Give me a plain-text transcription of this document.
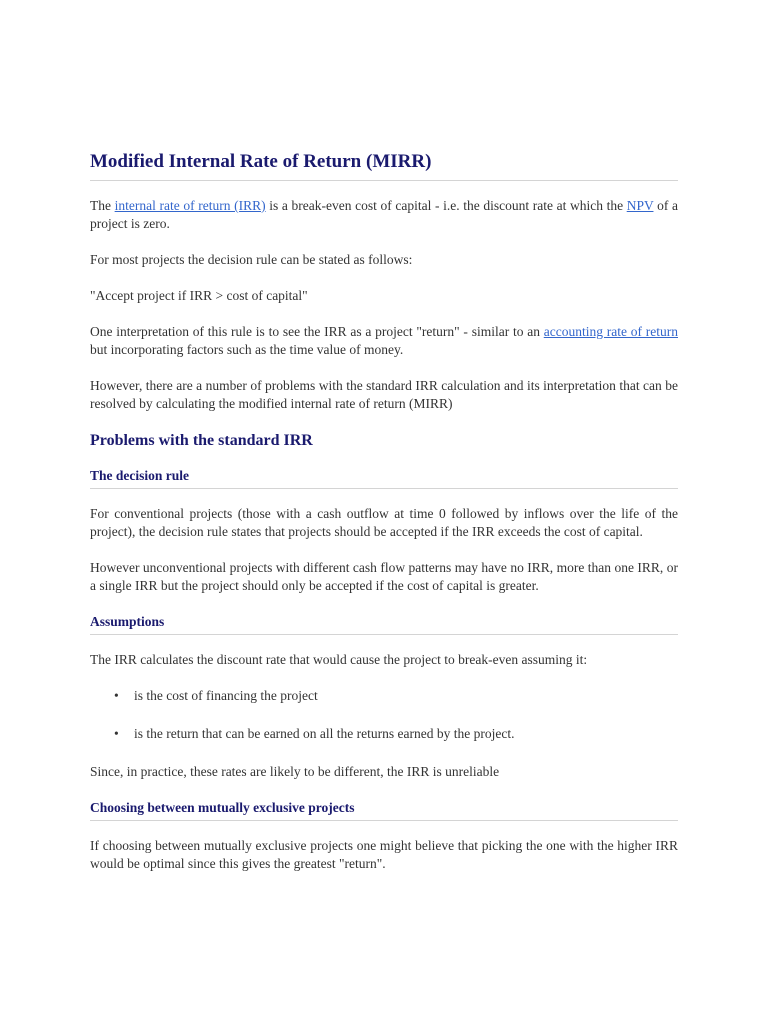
Modified Internal Rate of Return (MIRR)

The internal rate of return (IRR) is a break-even cost of capital - i.e. the discount rate at which the NPV of a project is zero.

For most projects the decision rule can be stated as follows:

"Accept project if IRR > cost of capital"

One interpretation of this rule is to see the IRR as a project "return" - similar to an accounting rate of return but incorporating factors such as the time value of money.

However, there are a number of problems with the standard IRR calculation and its interpretation that can be resolved by calculating the modified internal rate of return (MIRR)

Problems with the standard IRR
The decision rule

For conventional projects (those with a cash outflow at time 0 followed by inflows over the life of the project), the decision rule states that projects should be accepted if the IRR exceeds the cost of capital.

However unconventional projects with different cash flow patterns may have no IRR, more than one IRR, or a single IRR but the project should only be accepted if the cost of capital is greater.

Assumptions

The IRR calculates the discount rate that would cause the project to break-even assuming it:

• is the cost of financing the project
• is the return that can be earned on all the returns earned by the project.

Since, in practice, these rates are likely to be different, the IRR is unreliable

Choosing between mutually exclusive projects

If choosing between mutually exclusive projects one might believe that picking the one with the higher IRR would be optimal since this gives the greatest "return".
